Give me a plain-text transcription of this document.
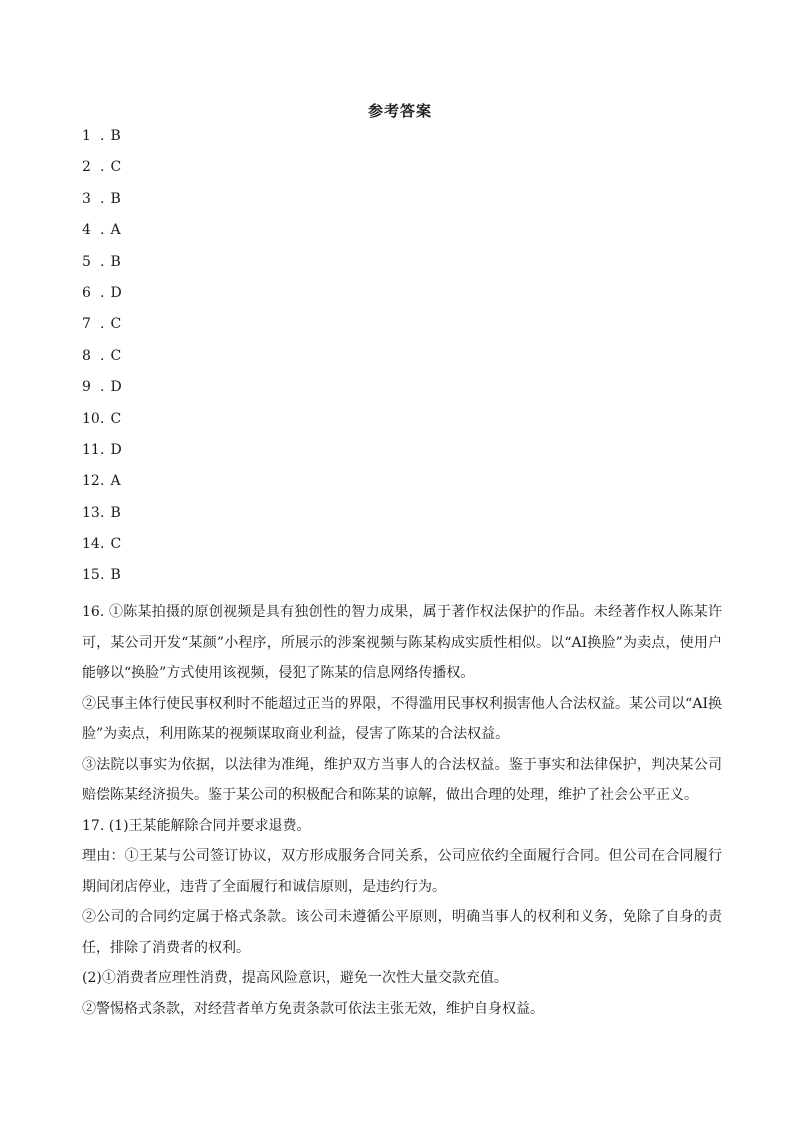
参考答案
1 . B
2 . C
3 . B
4 . A
5 . B
6 . D
7 . C
8 . C
9 . D
10. C
11. D
12. A
13. B
14. C
15. B

16. ①陈某拍摄的原创视频是具有独创性的智力成果，属于著作权法保护的作品。未经著作权人陈某许可，某公司开发“某颜”小程序，所展示的涉案视频与陈某构成实质性相似。以“AI换脸”为卖点，使用户能够以“换脸”方式使用该视频，侵犯了陈某的信息网络传播权。

②民事主体行使民事权利时不能超过正当的界限，不得滥用民事权利损害他人合法权益。某公司以“AI换脸”为卖点，利用陈某的视频谋取商业利益，侵害了陈某的合法权益。

③法院以事实为依据，以法律为准绳，维护双方当事人的合法权益。鉴于事实和法律保护，判决某公司赔偿陈某经济损失。鉴于某公司的积极配合和陈某的谅解，做出合理的处理，维护了社会公平正义。

17. (1)王某能解除合同并要求退费。

理由：①王某与公司签订协议，双方形成服务合同关系，公司应依约全面履行合同。但公司在合同履行期间闭店停业，违背了全面履行和诚信原则，是违约行为。

②公司的合同约定属于格式条款。该公司未遵循公平原则，明确当事人的权利和义务，免除了自身的责任，排除了消费者的权利。

(2)①消费者应理性消费，提高风险意识，避免一次性大量交款充值。

②警惕格式条款，对经营者单方免责条款可依法主张无效，维护自身权益。
